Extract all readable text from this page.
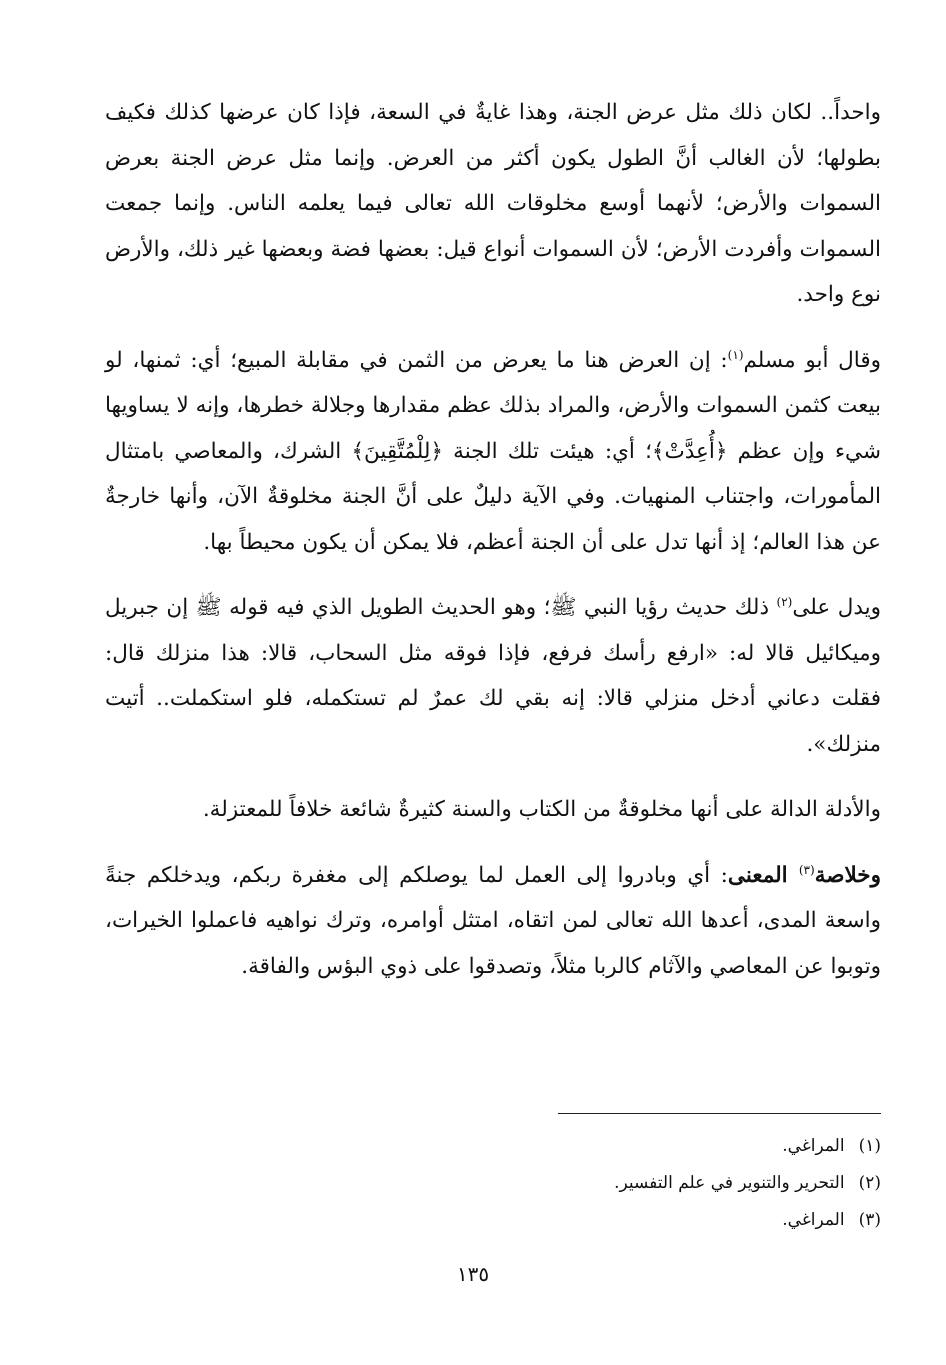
واحداً.. لكان ذلك مثل عرض الجنة، وهذا غايةٌ في السعة، فإذا كان عرضها كذلك فكيف بطولها؛ لأن الغالب أنَّ الطول يكون أكثر من العرض. وإنما مثل عرض الجنة بعرض السموات والأرض؛ لأنهما أوسع مخلوقات الله تعالى فيما يعلمه الناس. وإنما جمعت السموات وأفردت الأرض؛ لأن السموات أنواع قيل: بعضها فضة وبعضها غير ذلك، والأرض نوع واحد.

وقال أبو مسلم$^{(١)}$: إن العرض هنا ما يعرض من الثمن في مقابلة المبيع؛ أي: ثمنها، لو بيعت كثمن السموات والأرض، والمراد بذلك عظم مقدارها وجلالة خطرها، وإنه لا يساويها شيء وإن عظم ﴿أُعِدَّتْ﴾؛ أي: هيئت تلك الجنة ﴿لِلْمُتَّقِينَ﴾ الشرك، والمعاصي بامتثال المأمورات، واجتناب المنهيات. وفي الآية دليلٌ على أنَّ الجنة مخلوقةٌ الآن، وأنها خارجةٌ عن هذا العالم؛ إذ أنها تدل على أن الجنة أعظم، فلا يمكن أن يكون محيطاً بها.

ويدل على$^{(٢)}$ ذلك حديث رؤيا النبي ﷺ؛ وهو الحديث الطويل الذي فيه قوله ﷺ إن جبريل وميكائيل قالا له: «ارفع رأسك فرفع، فإذا فوقه مثل السحاب، قالا: هذا منزلك قال: فقلت دعاني أدخل منزلي قالا: إنه بقي لك عمرٌ لم تستكمله، فلو استكملت.. أتيت منزلك».

والأدلة الدالة على أنها مخلوقةٌ من الكتاب والسنة كثيرةٌ شائعة خلافاً للمعتزلة.

وخلاصة$^{(٣)}$ المعنى: أي وبادروا إلى العمل لما يوصلكم إلى مغفرة ربكم، ويدخلكم جنةً واسعة المدى، أعدها الله تعالى لمن اتقاه، امتثل أوامره، وترك نواهيه فاعملوا الخيرات، وتوبوا عن المعاصي والآثام كالربا مثلاً، وتصدقوا على ذوي البؤس والفاقة.

(١)المراغي.

(٢)التحرير والتنوير في علم التفسير.

(٣)المراغي.

١٣٥
